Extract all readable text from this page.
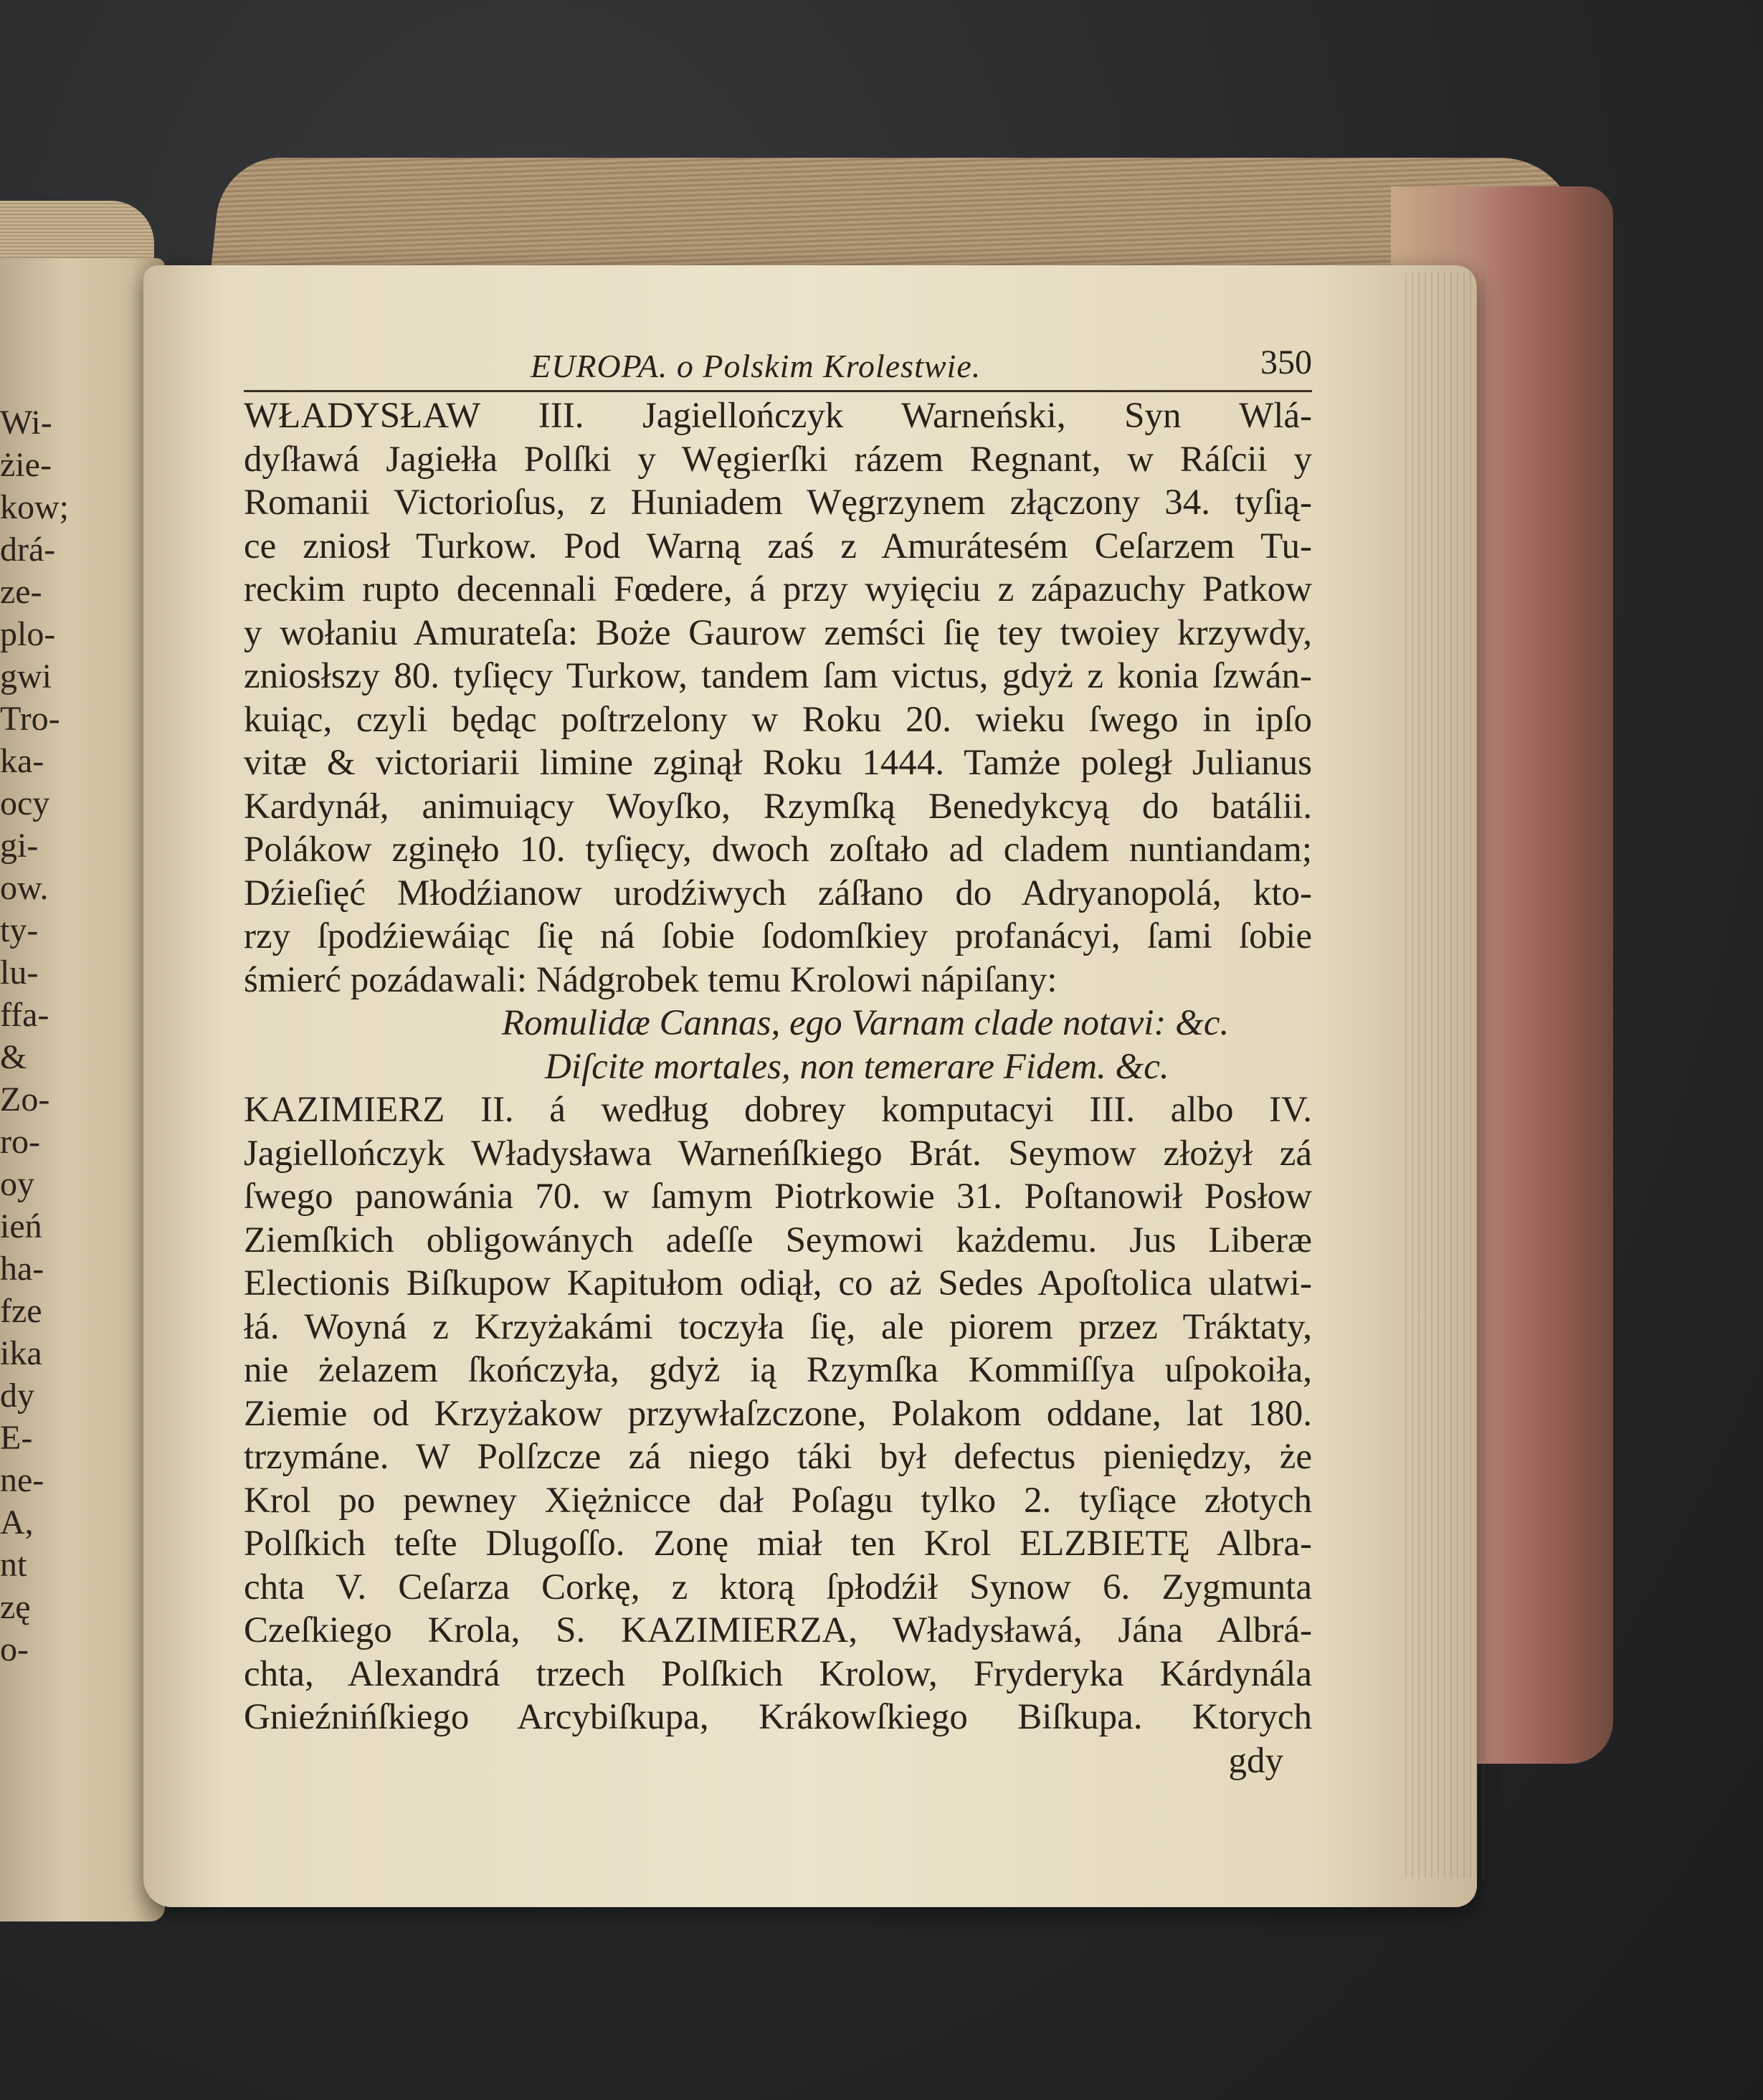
Wi-
żie-
kow;
drá-
ze-
plo-
gwi
Tro-
ka-
ocy
gi-
ow.
ty-
lu-
ffa-
&
Zo-
ro-
oy
ień
ha-
fze
ika
dy
E-
ne-
A,
nt
zę
o-
EUROPA. o Polskim Krolestwie.	350
WŁADYSŁAW III. Jagiellończyk Warneński, Syn Wlá-
dyſławá Jagiełła Polſki y Węgierſki rázem Regnant, w Ráſcii y
Romanii Victorioſus, z Huniadem Węgrzynem złączony 34. tyſią-
ce zniosł Turkow. Pod Warną zaś z Amurátesém Ceſarzem Tu-
reckim rupto decennali Fœdere, á przy wyięciu z zápazuchy Patkow
y wołaniu Amurateſa: Boże Gaurow zemści ſię tey twoiey krzywdy,
zniosłszy 80. tyſięcy Turkow, tandem ſam victus, gdyż z konia ſzwán-
kuiąc, czyli będąc poſtrzelony w Roku 20. wieku ſwego in ipſo
vitæ & victoriarii limine zginął Roku 1444. Tamże poległ Julianus
Kardynáł, animuiący Woyſko, Rzymſką Benedykcyą do batálii.
Polákow zginęło 10. tyſięcy, dwoch zoſtało ad cladem nuntiandam;
Dźieſięć Młodźianow urodźiwych záſłano do Adryanopolá, kto-
rzy ſpodźiewáiąc ſię ná ſobie ſodomſkiey profanácyi, ſami ſobie
śmierć pozádawali: Nádgrobek temu Krolowi nápiſany:
Romulidæ Cannas, ego Varnam clade notavi: &c.
Diſcite mortales, non temerare Fidem. &c.
KAZIMIERZ II. á według dobrey komputacyi III. albo IV.
Jagiellończyk Władysława Warneńſkiego Brát. Seymow złożył zá
ſwego panowánia 70. w ſamym Piotrkowie 31. Poſtanowił Posłow
Ziemſkich obligowánych adeſſe Seymowi każdemu. Jus Liberæ
Electionis Biſkupow Kapitułom odiął, co aż Sedes Apoſtolica ulatwi-
łá. Woyná z Krzyżakámi toczyła ſię, ale piorem przez Tráktaty,
nie żelazem ſkończyła, gdyż ią Rzymſka Kommiſſya uſpokoiła,
Ziemie od Krzyżakow przywłaſzczone, Polakom oddane, lat 180.
trzymáne. W Polſzcze zá niego táki był defectus pieniędzy, że
Krol po pewney Xiężnicce dał Poſagu tylko 2. tyſiące złotych
Polſkich teſte Dlugoſſo. Zonę miał ten Krol ELZBIETĘ Albra-
chta V. Ceſarza Corkę, z ktorą ſpłodźił Synow 6. Zygmunta
Czeſkiego Krola, S. KAZIMIERZA, Władysławá, Jána Albrá-
chta, Alexandrá trzech Polſkich Krolow, Fryderyka Kárdynála
Gnieźnińſkiego Arcybiſkupa, Krákowſkiego Biſkupa. Ktorych
gdy
